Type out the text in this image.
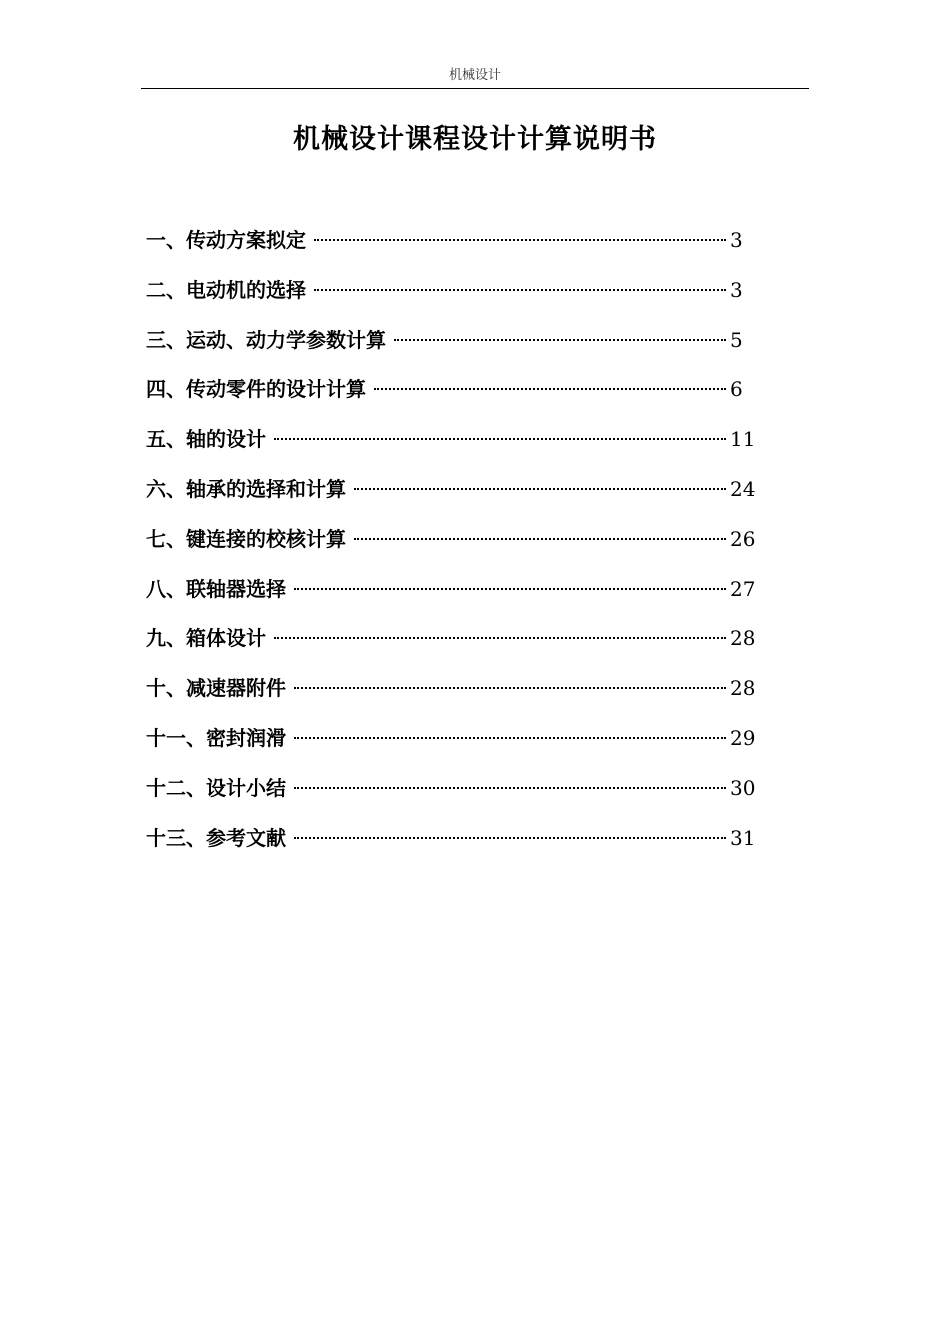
机械设计
机械设计课程设计计算说明书
一、传动方案拟定	3
二、电动机的选择	3
三、运动、动力学参数计算	5
四、传动零件的设计计算	6
五、轴的设计	11
六、轴承的选择和计算	24
七、键连接的校核计算	26
八、联轴器选择	27
九、箱体设计	28
十、减速器附件	28
十一、密封润滑	29
十二、设计小结	30
十三、参考文献	31
